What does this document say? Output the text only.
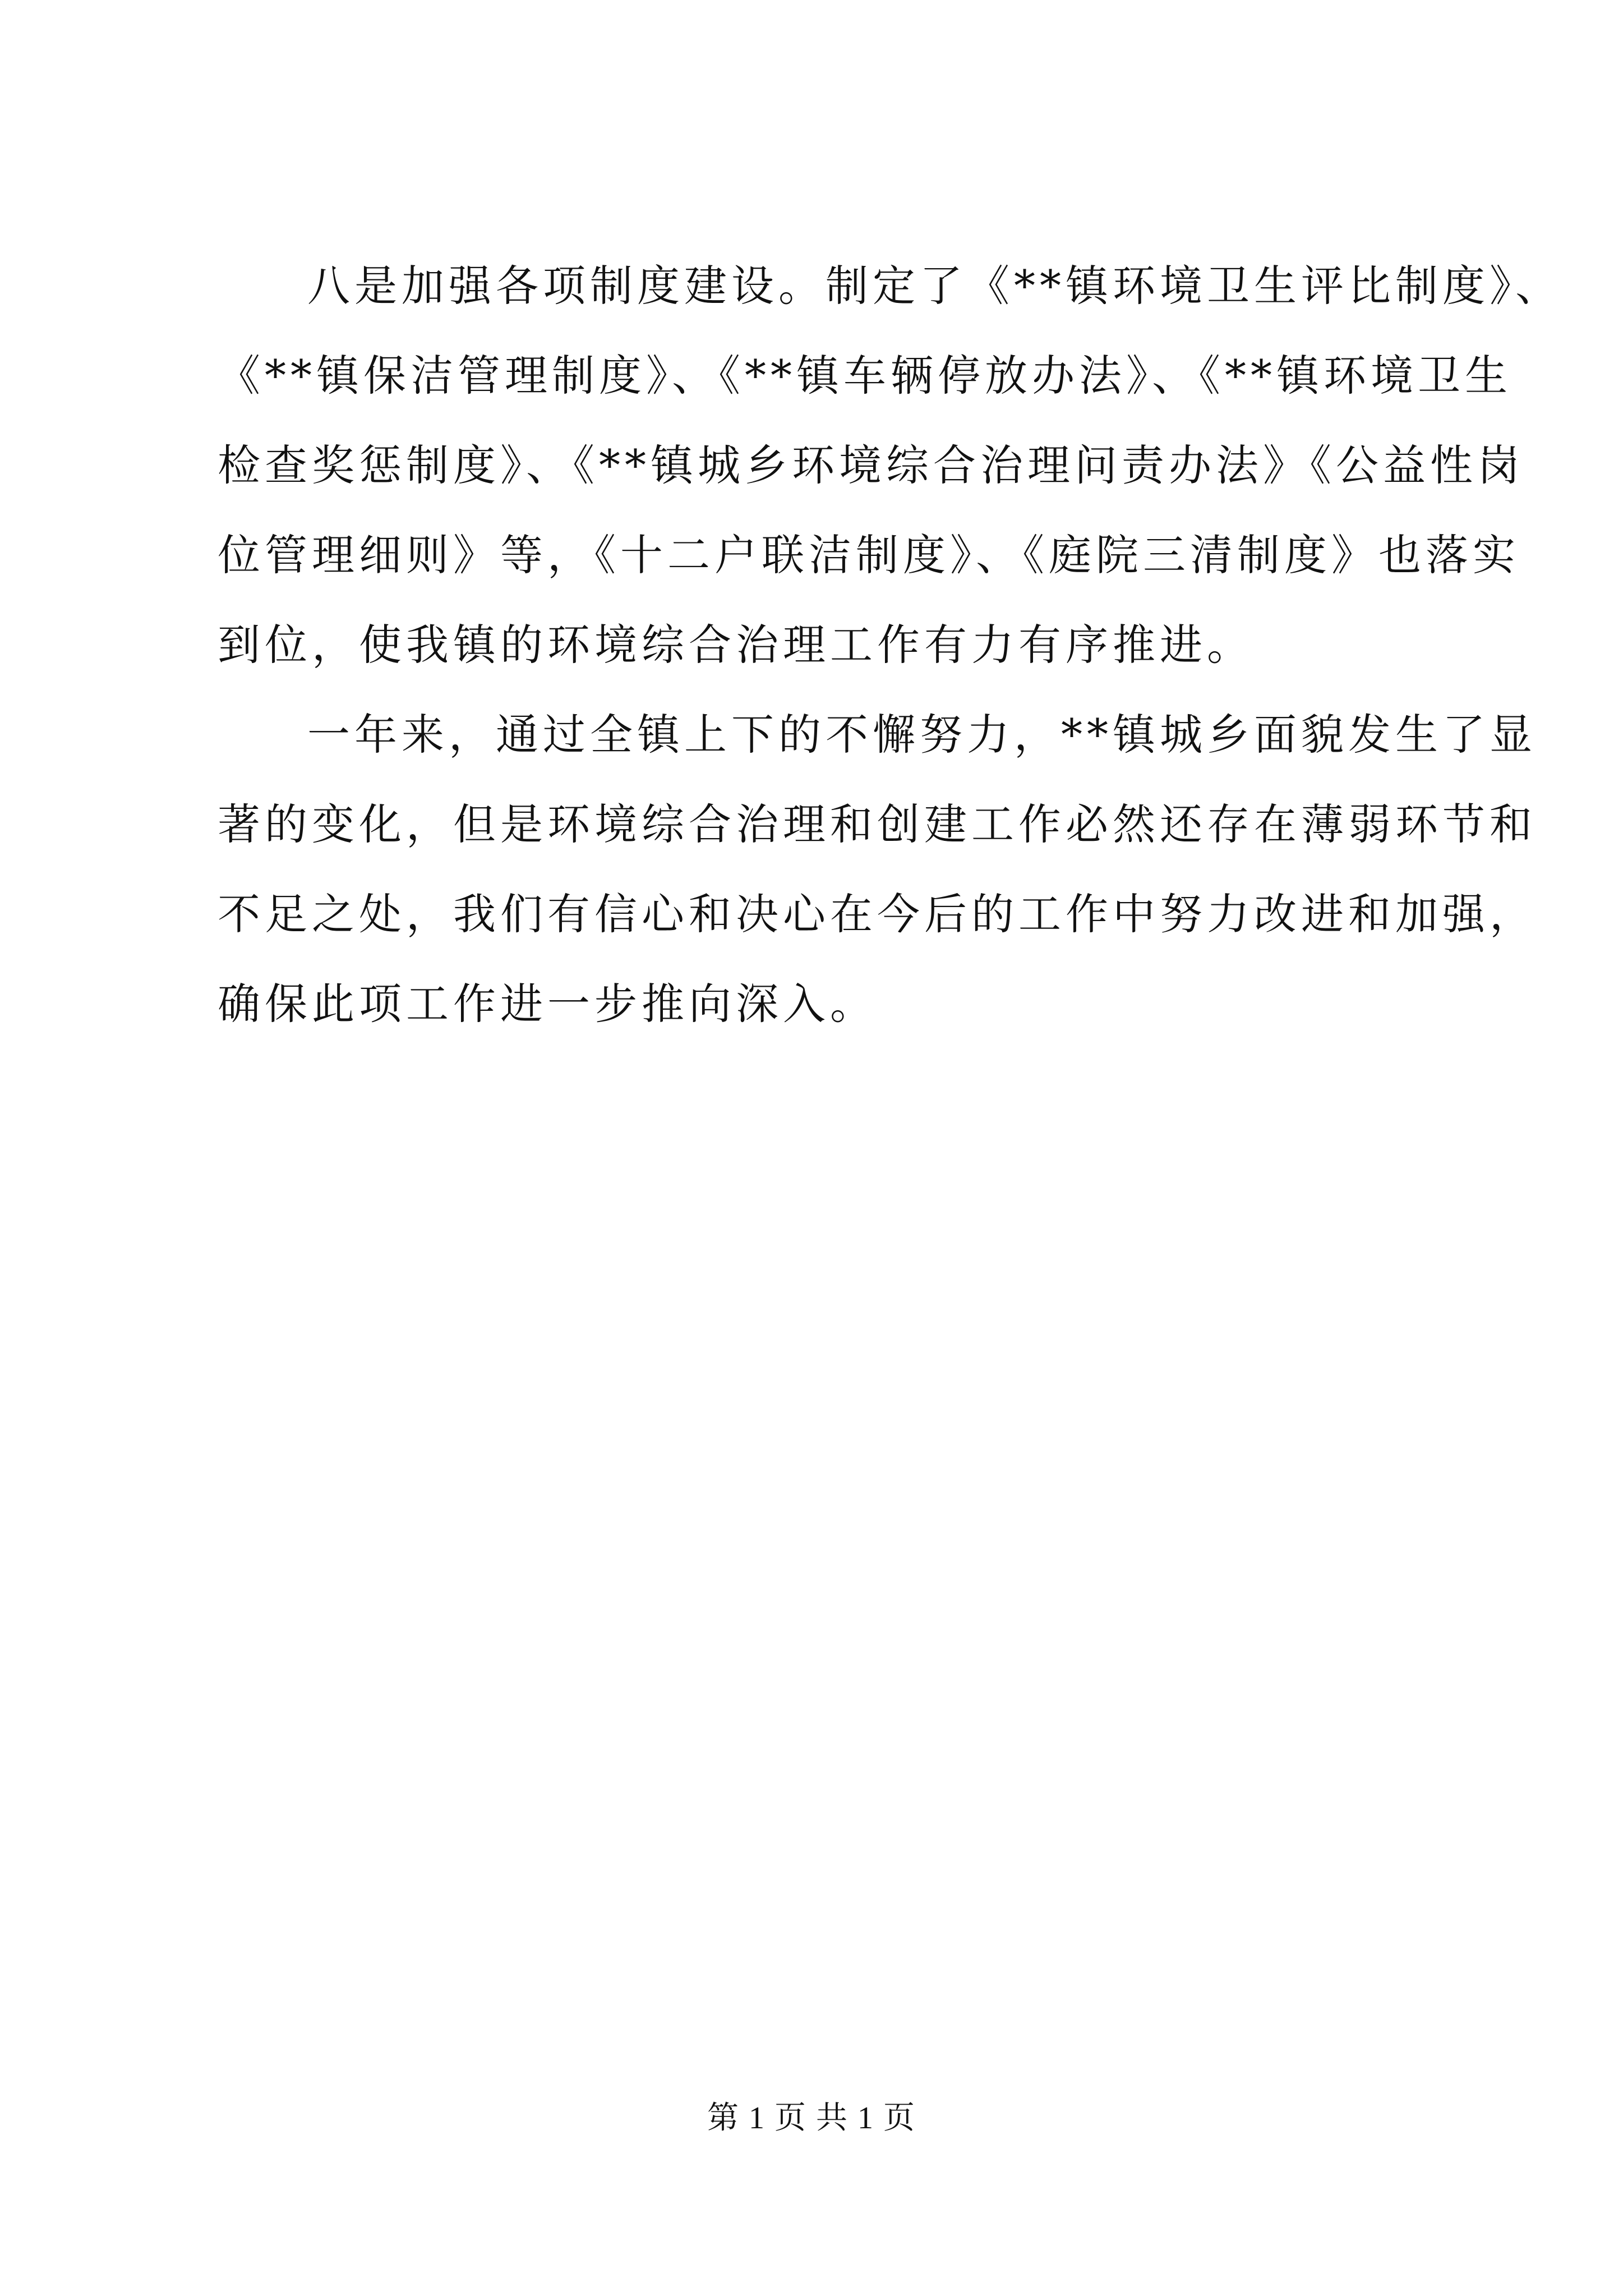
八是加强各项制度建设。制定了《**镇环境卫生评比制度》、
《**镇保洁管理制度》、《**镇车辆停放办法》、《**镇环境卫生
检查奖惩制度》、《**镇城乡环境综合治理问责办法》《公益性岗
位管理细则》等，《十二户联洁制度》、《庭院三清制度》也落实
到位，使我镇的环境综合治理工作有力有序推进。
一年来，通过全镇上下的不懈努力，**镇城乡面貌发生了显
著的变化，但是环境综合治理和创建工作必然还存在薄弱环节和
不足之处，我们有信心和决心在今后的工作中努力改进和加强，
确保此项工作进一步推向深入。
第 1 页 共 1 页
